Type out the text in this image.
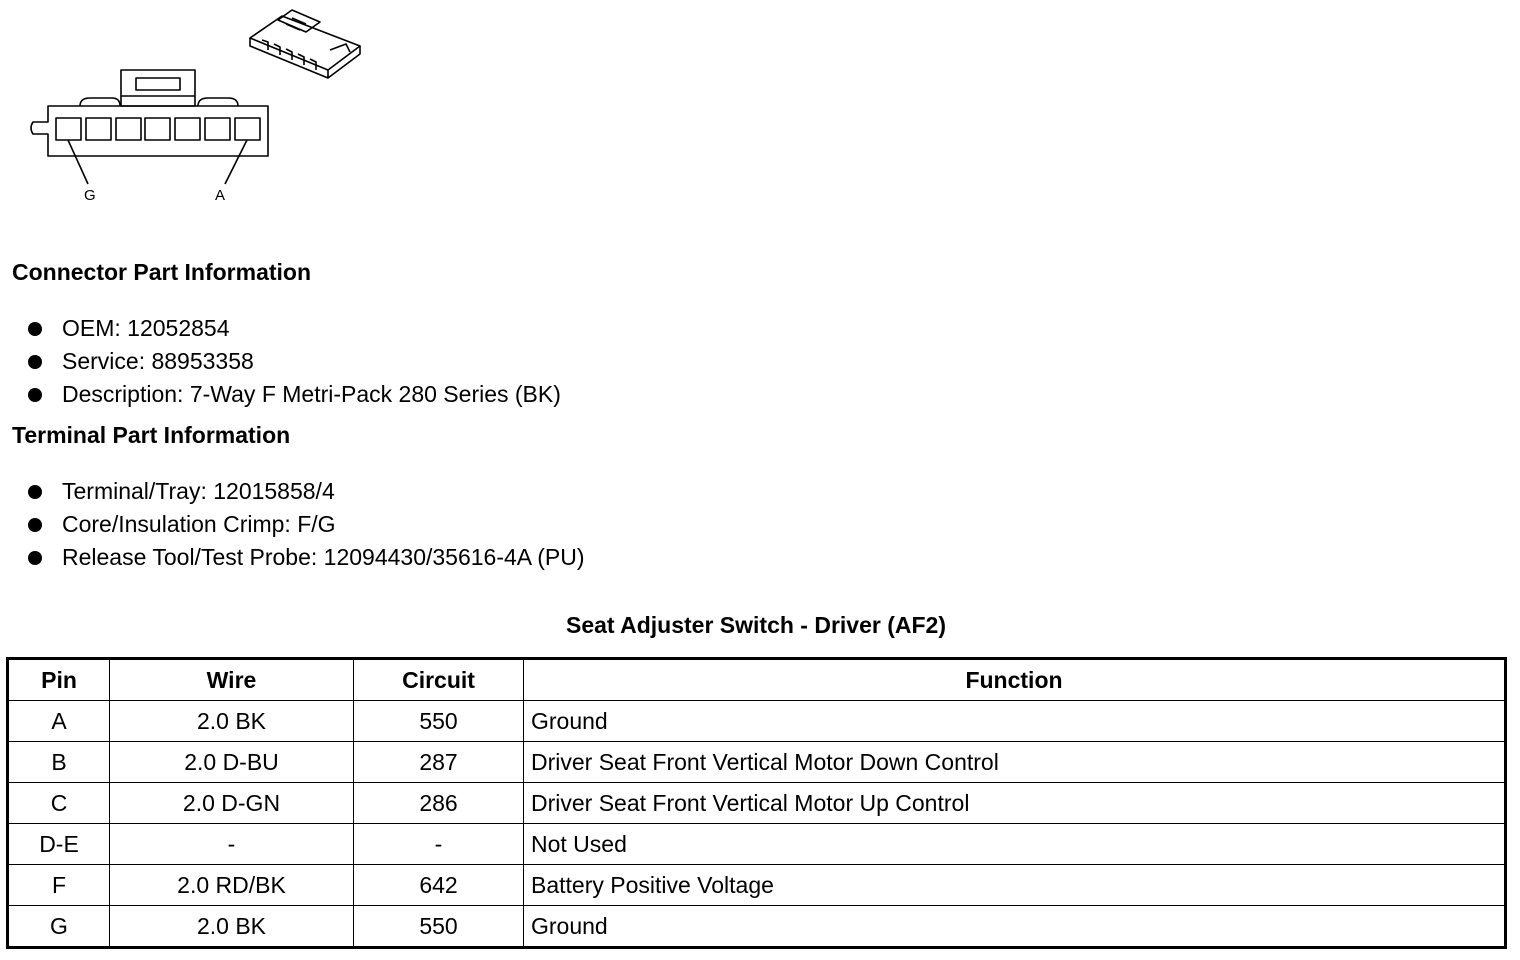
G	A
Connector Part Information
OEM: 12052854
Service: 88953358
Description: 7-Way F Metri-Pack 280 Series (BK)
Terminal Part Information
Terminal/Tray: 12015858/4
Core/Insulation Crimp: F/G
Release Tool/Test Probe: 12094430/35616-4A (PU)
Seat Adjuster Switch - Driver (AF2)
Pin	Wire	Circuit	Function
A	2.0 BK	550	Ground
B	2.0 D-BU	287	Driver Seat Front Vertical Motor Down Control
C	2.0 D-GN	286	Driver Seat Front Vertical Motor Up Control
D-E	-	-	Not Used
F	2.0 RD/BK	642	Battery Positive Voltage
G	2.0 BK	550	Ground
